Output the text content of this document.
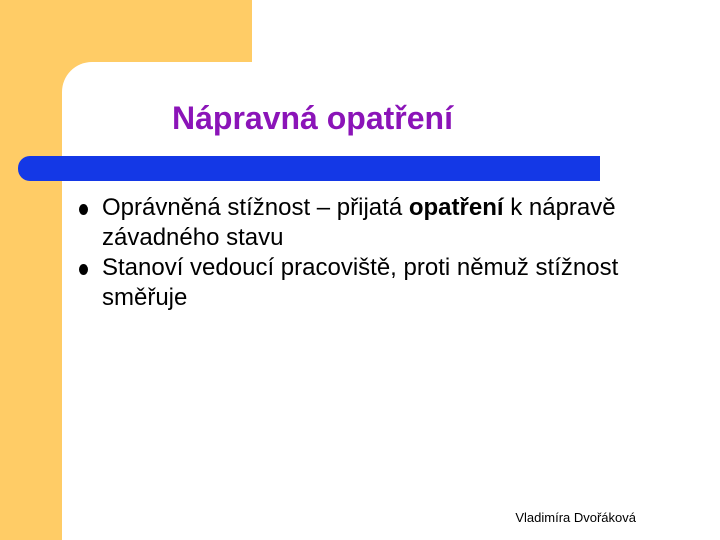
Nápravná opatření
Oprávněná stížnost – přijatá opatření k nápravě závadného stavu
Stanoví vedoucí pracoviště, proti němuž stížnost směřuje
Vladimíra Dvořáková
